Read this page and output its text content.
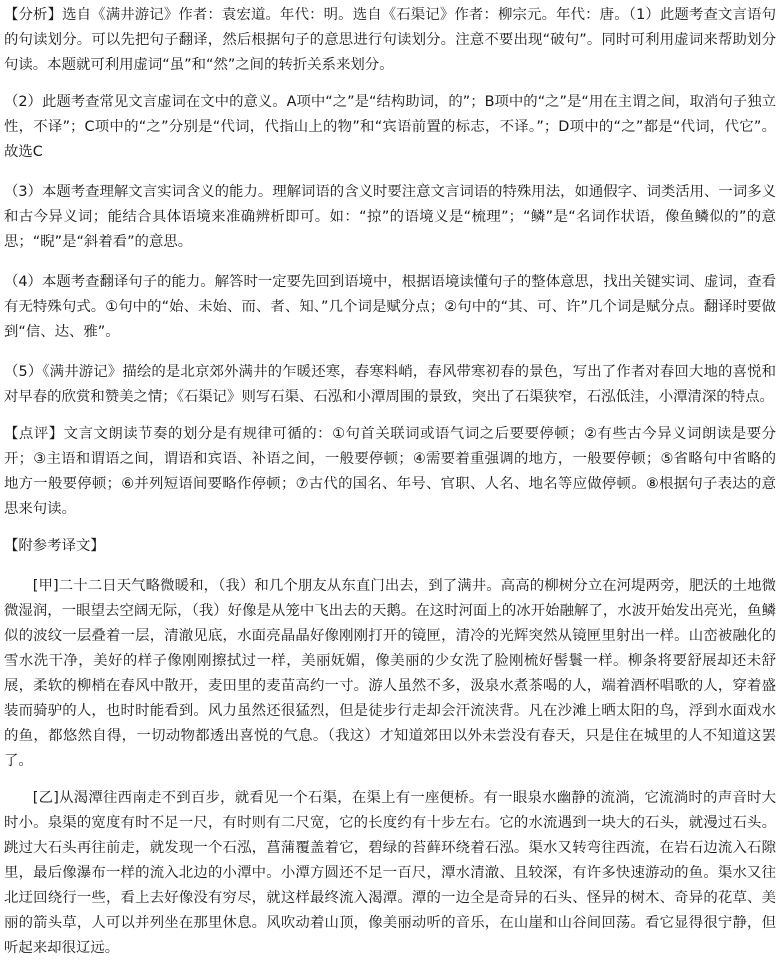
【分析】选自《满井游记》作者：袁宏道。年代：明。选自《石渠记》作者：柳宗元。年代：唐。（1）此题考查文言语句的句读划分。可以先把句子翻译，然后根据句子的意思进行句读划分。注意不要出现“破句”。同时可利用虚词来帮助划分句读。本题就可利用虚词“虽”和“然”之间的转折关系来划分。

（2）此题考查常见文言虚词在文中的意义。A项中“之”是“结构助词，的”；B项中的“之”是“用在主谓之间，取消句子独立性，不译”；C项中的“之”分别是“代词，代指山上的物”和“宾语前置的标志，不译。”；D项中的“之”都是“代词，代它”。故选C

（3）本题考查理解文言实词含义的能力。理解词语的含义时要注意文言词语的特殊用法，如通假字、词类活用、一词多义和古今异义词；能结合具体语境来准确辨析即可。如：“掠”的语境义是“梳理”；“鳞”是“名词作状语，像鱼鳞似的”的意思；“睨”是“斜着看”的意思。

（4）本题考查翻译句子的能力。解答时一定要先回到语境中，根据语境读懂句子的整体意思，找出关键实词、虚词，查看有无特殊句式。①句中的“始、未始、而、者、知、”几个词是赋分点；②句中的“其、可、许”几个词是赋分点。翻译时要做到“信、达、雅”。

（5）《满井游记》描绘的是北京郊外满井的乍暖还寒，春寒料峭，春风带寒初春的景色，写出了作者对春回大地的喜悦和对早春的欣赏和赞美之情；《石渠记》则写石渠、石泓和小潭周围的景致，突出了石渠狭窄，石泓低洼，小潭清深的特点。

【点评】文言文朗读节奏的划分是有规律可循的：①句首关联词或语气词之后要要停顿；②有些古今异义词朗读是要分开；③主语和谓语之间，谓语和宾语、补语之间，一般要停顿；④需要着重强调的地方，一般要停顿；⑤省略句中省略的地方一般要停顿；⑥并列短语间要略作停顿；⑦古代的国名、年号、官职、人名、地名等应做停顿。⑧根据句子表达的意思来句读。

【附参考译文】

[甲]二十二日天气略微暖和，（我）和几个朋友从东直门出去，到了满井。高高的柳树分立在河堤两旁，肥沃的土地微微湿润，一眼望去空阔无际，（我）好像是从笼中飞出去的天鹅。在这时河面上的冰开始融解了，水波开始发出亮光，鱼鳞似的波纹一层叠着一层，清澈见底，水面亮晶晶好像刚刚打开的镜匣，清冷的光辉突然从镜匣里射出一样。山峦被融化的雪水洗干净，美好的样子像刚刚擦拭过一样，美丽妩媚，像美丽的少女洗了脸刚梳好髻鬟一样。柳条将要舒展却还未舒展，柔软的柳梢在春风中散开，麦田里的麦苗高约一寸。游人虽然不多，汲泉水煮茶喝的人，端着酒杯唱歌的人，穿着盛装而骑驴的人，也时时能看到。风力虽然还很猛烈，但是徒步行走却会汗流浃背。凡在沙滩上晒太阳的鸟，浮到水面戏水的鱼，都悠然自得，一切动物都透出喜悦的气息。（我这）才知道郊田以外未尝没有春天，只是住在城里的人不知道这罢了。

[乙]从渴潭往西南走不到百步，就看见一个石渠，在渠上有一座便桥。有一眼泉水幽静的流淌，它流淌时的声音时大时小。泉渠的宽度有时不足一尺，有时则有二尺宽，它的长度约有十步左右。它的水流遇到一块大的石头，就漫过石头。跳过大石头再往前走，就发现一个石泓，菖蒲覆盖着它，碧绿的苔藓环绕着石泓。渠水又转弯往西流，在岩石边流入石隙里，最后像瀑布一样的流入北边的小潭中。小潭方圆还不足一百尺，潭水清澈、且较深，有许多快速游动的鱼。渠水又往北迂回绕行一些，看上去好像没有穷尽，就这样最终流入渴潭。潭的一边全是奇异的石头、怪异的树木、奇异的花草、美丽的箭头草，人可以并列坐在那里休息。风吹动着山顶，像美丽动听的音乐，在山崖和山谷间回荡。看它显得很宁静，但听起来却很辽远。
